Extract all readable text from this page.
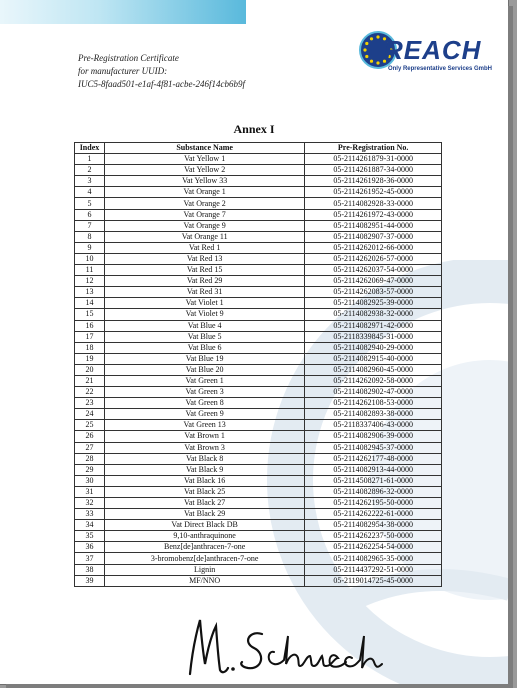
Pre-Registration Certificate
for manufacturer UUID:
IUC5-8faad501-e1af-4f81-acbe-246f14cb6b9f
REACH
Only Representative Services GmbH
Annex I
Index	Substance Name	Pre-Registration No.
1	Vat Yellow 1	05-2114261879-31-0000
2	Vat Yellow 2	05-2114261887-34-0000
3	Vat Yellow 33	05-2114261928-36-0000
4	Vat Orange 1	05-2114261952-45-0000
5	Vat Orange 2	05-2114082928-33-0000
6	Vat Orange 7	05-2114261972-43-0000
7	Vat Orange 9	05-2114082951-44-0000
8	Vat Orange 11	05-2114082907-37-0000
9	Vat Red 1	05-2114262012-66-0000
10	Vat Red 13	05-2114262026-57-0000
11	Vat Red 15	05-2114262037-54-0000
12	Vat Red 29	05-2114262069-47-0000
13	Vat Red 31	05-2114262083-57-0000
14	Vat Violet 1	05-2114082925-39-0000
15	Vat Violet 9	05-2114082938-32-0000
16	Vat Blue 4	05-2114082971-42-0000
17	Vat Blue 5	05-2118339845-31-0000
18	Vat Blue 6	05-2114082940-29-0000
19	Vat Blue 19	05-2114082915-40-0000
20	Vat Blue 20	05-2114082960-45-0000
21	Vat Green 1	05-2114262092-58-0000
22	Vat Green 3	05-2114082902-47-0000
23	Vat Green 8	05-2114262108-53-0000
24	Vat Green 9	05-2114082893-38-0000
25	Vat Green 13	05-2118337406-43-0000
26	Vat Brown 1	05-2114082906-39-0000
27	Vat Brown 3	05-2114082945-37-0000
28	Vat Black 8	05-2114262177-48-0000
29	Vat Black 9	05-2114082913-44-0000
30	Vat Black 16	05-2114508271-61-0000
31	Vat Black 25	05-2114082896-32-0000
32	Vat Black 27	05-2114262195-50-0000
33	Vat Black 29	05-2114262222-61-0000
34	Vat Direct Black DB	05-2114082954-38-0000
35	9,10-anthraquinone	05-2114262237-50-0000
36	Benz[de]anthracen-7-one	05-2114262254-54-0000
37	3-bromobenz[de]anthracen-7-one	05-2114082965-35-0000
38	Lignin	05-2114437292-51-0000
39	MF/NNO	05-2119014725-45-0000
